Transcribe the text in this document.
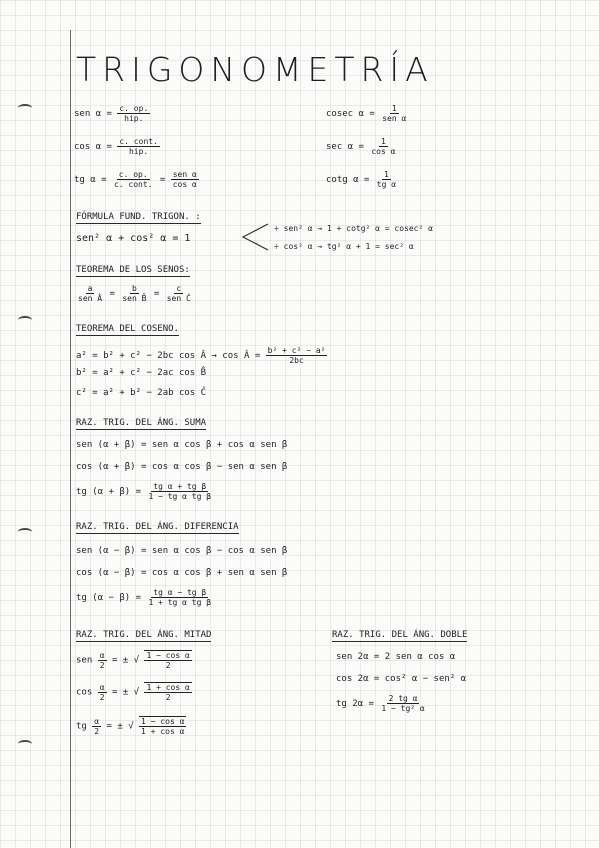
TRIGONOMETRÍA
sen $\alpha = \frac{c. op.}{\text{hip.}}$
$\cos \alpha = \frac{\text{c. cont.}}{\text{hip.}}$
tg $\alpha = \frac{c. op.}{\text{c. cont.}} = \frac{\text{sen α}}{\text{cos α}}$
cosec $\alpha = \frac{1}{\text{sen α}}$
$\sec \alpha = \frac{1}{\text{cos α}}$
cotg $\alpha = \frac{1}{\text{tg α}}$
FÓRMULA FUND. TRIGON. :
sen² α + cos² α = 1
÷ sen² α → 1 + cotg² α = cosec² α
÷ cos² α → tg² α + 1 = sec² α
TEOREMA DE LOS SENOS:
$\frac{a}{\text{sen Â}} = \frac{b}{\text{sen B̂}} = \frac{c}{\text{sen Ĉ}}$
TEOREMA DEL COSENO.
a² = b² + c² − 2bc cos Â → cos Â = $\frac{\text{b² + c² − a²}}{2bc}$
b² = a² + c² − 2ac cos B̂
c² = a² + b² − 2ab cos Ĉ
RAZ. TRIG. DEL ÁNG. SUMA
sen (α + β) = sen α cos β + cos α sen β
cos (α + β) = cos α cos β − sen α sen β
tg $(\alpha + \beta) = \frac{\text{tg α + tg β}}{\text{1 − tg α tg β}}$
RAZ. TRIG. DEL ÁNG. DIFERENCIA
sen (α − β) = sen α cos β − cos α sen β
cos (α − β) = cos α cos β + sen α sen β
tg $(\alpha - \beta) = \frac{\text{tg α − tg β}}{\text{1 + tg α tg β}}$
RAZ. TRIG. DEL ÁNG. MITAD
sen $\frac{\alpha}{2}$ = ± √ $\frac{\text{1 − cos α}}{2}$
$\cos \frac{\alpha}{2}$ = ± √ $\frac{\text{1 + cos α}}{2}$
tg $\frac{\alpha}{2}$ = ± √ $\frac{\text{1 − cos α}}{\text{1 + cos α}}$
RAZ. TRIG. DEL ÁNG. DOBLE
sen 2α = 2 sen α cos α
cos 2α = cos² α − sen² α
tg $2\alpha = \frac{\text{2 tg α}}{\text{1 − tg² α}}$
